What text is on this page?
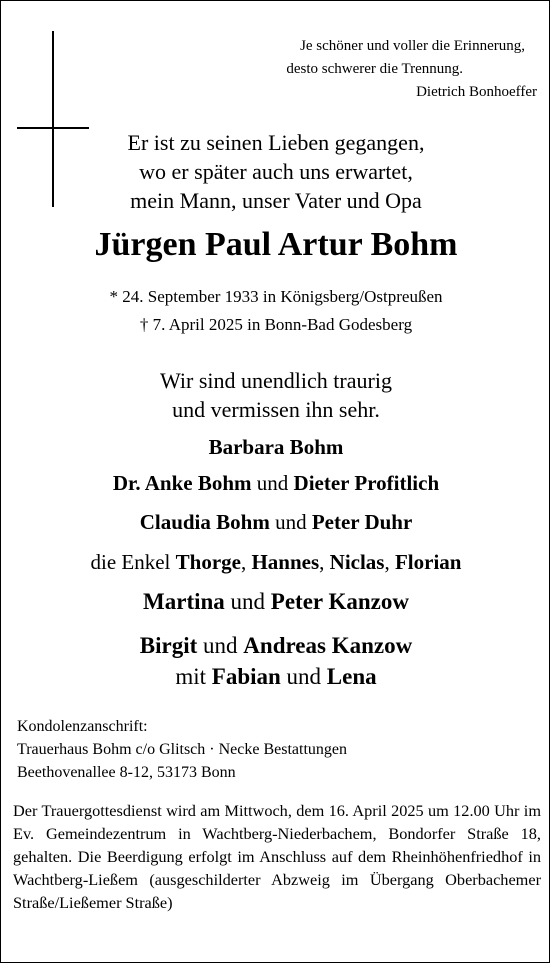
Je schöner und voller die Erinnerung,
desto schwerer die Trennung.
Dietrich Bonhoeffer
Er ist zu seinen Lieben gegangen,
wo er später auch uns erwartet,
mein Mann, unser Vater und Opa
Jürgen Paul Artur Bohm
* 24. September 1933 in Königsberg/Ostpreußen
† 7. April 2025 in Bonn-Bad Godesberg
Wir sind unendlich traurig
und vermissen ihn sehr.
Barbara Bohm
Dr. Anke Bohm und Dieter Profitlich
Claudia Bohm und Peter Duhr
die Enkel Thorge, Hannes, Niclas, Florian
Martina und Peter Kanzow
Birgit und Andreas Kanzow
mit Fabian und Lena
Kondolenzanschrift:
Trauerhaus Bohm c/o Glitsch · Necke Bestattungen
Beethovenallee 8-12, 53173 Bonn
Der Trauergottesdienst wird am Mittwoch, dem 16. April 2025 um 12.00 Uhr im Ev. Gemeindezentrum in Wachtberg-Niederbachem, Bondorfer Straße 18, gehalten. Die Beerdigung erfolgt im Anschluss auf dem Rheinhöhenfriedhof in Wachtberg-Ließem (ausgeschilderter Abzweig im Übergang Oberbachemer Straße/Ließemer Straße)
